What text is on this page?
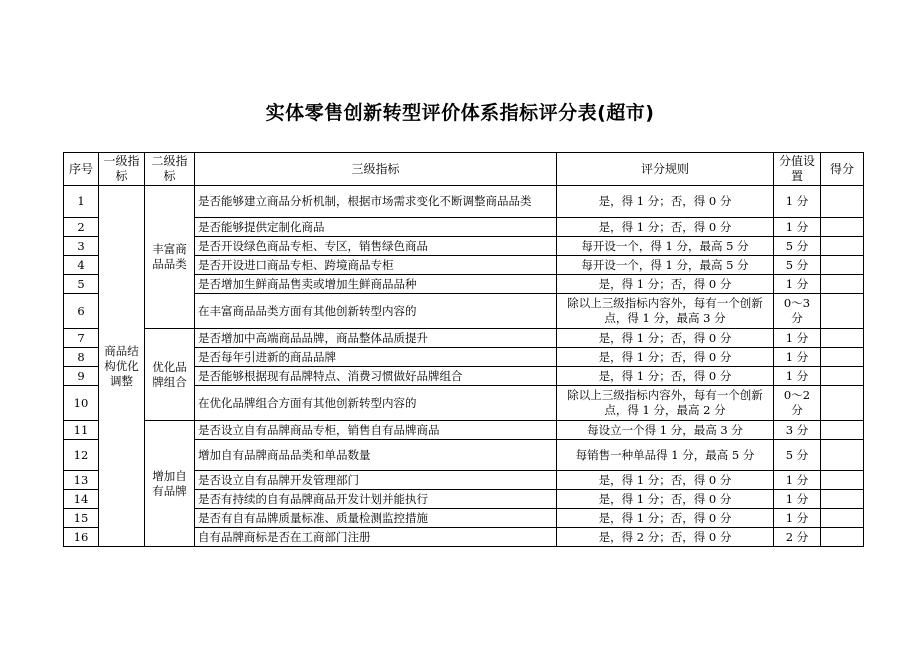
实体零售创新转型评价体系指标评分表(超市)
序号	一级指标	二级指标	三级指标	评分规则	分值设置	得分
1	商品结构优化调整	丰富商品品类	是否能够建立商品分析机制，根据市场需求变化不断调整商品品类	是，得 1 分；否，得 0 分	1 分	
2			是否能够提供定制化商品	是，得 1 分；否，得 0 分	1 分	
3			是否开设绿色商品专柜、专区，销售绿色商品	每开设一个，得 1 分，最高 5 分	5 分	
4			是否开设进口商品专柜、跨境商品专柜	每开设一个，得 1 分，最高 5 分	5 分	
5			是否增加生鲜商品售卖或增加生鲜商品品种	是，得 1 分；否，得 0 分	1 分	
6			在丰富商品品类方面有其他创新转型内容的	除以上三级指标内容外，每有一个创新点，得 1 分，最高 3 分	0～3 分	
7		优化品牌组合	是否增加中高端商品品牌，商品整体品质提升	是，得 1 分；否，得 0 分	1 分	
8			是否每年引进新的商品品牌	是，得 1 分；否，得 0 分	1 分	
9			是否能够根据现有品牌特点、消费习惯做好品牌组合	是，得 1 分；否，得 0 分	1 分	
10			在优化品牌组合方面有其他创新转型内容的	除以上三级指标内容外，每有一个创新点，得 1 分，最高 2 分	0～2 分	
11		增加自有品牌	是否设立自有品牌商品专柜，销售自有品牌商品	每设立一个得 1 分，最高 3 分	3 分	
12			增加自有品牌商品品类和单品数量	每销售一种单品得 1 分，最高 5 分	5 分	
13			是否设立自有品牌开发管理部门	是，得 1 分；否，得 0 分	1 分	
14			是否有持续的自有品牌商品开发计划并能执行	是，得 1 分；否，得 0 分	1 分	
15			是否有自有品牌质量标准、质量检测监控措施	是，得 1 分；否，得 0 分	1 分	
16			自有品牌商标是否在工商部门注册	是，得 2 分；否，得 0 分	2 分	
